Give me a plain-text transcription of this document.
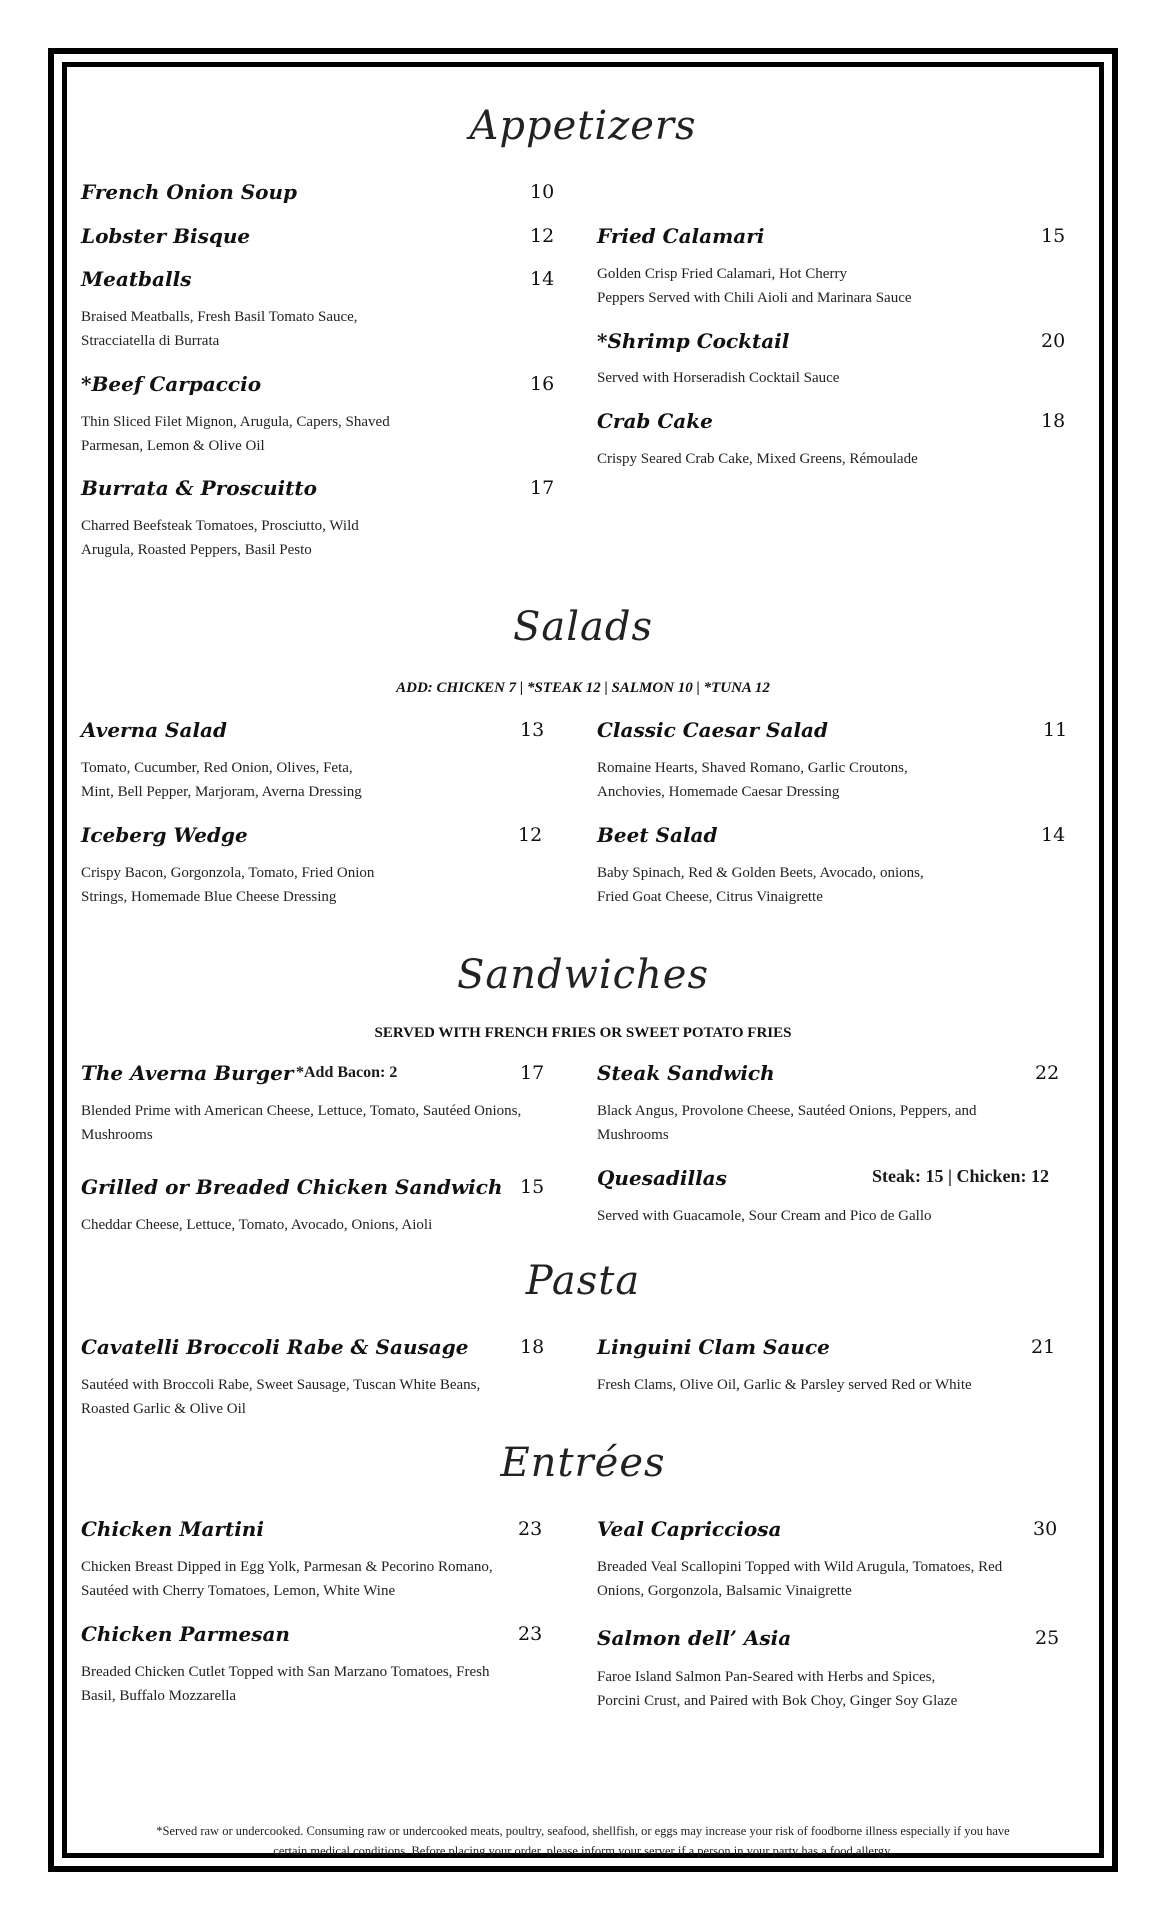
Appetizers
French Onion Soup	10
Lobster Bisque	12
Meatballs	14
Braised Meatballs, Fresh Basil Tomato Sauce,
Stracciatella di Burrata
*Beef Carpaccio	16
Thin Sliced Filet Mignon, Arugula, Capers, Shaved
Parmesan, Lemon & Olive Oil
Burrata & Proscuitto	17
Charred Beefsteak Tomatoes, Prosciutto, Wild
Arugula, Roasted Peppers, Basil Pesto
Fried Calamari	15
Golden Crisp Fried Calamari, Hot Cherry
Peppers Served with Chili Aioli and Marinara Sauce
*Shrimp Cocktail	20
Served with Horseradish Cocktail Sauce
Crab Cake	18
Crispy Seared Crab Cake, Mixed Greens, Rémoulade
Salads
ADD: CHICKEN 7 | *STEAK 12 | SALMON 10 | *TUNA 12
Averna Salad	13
Tomato, Cucumber, Red Onion, Olives, Feta,
Mint, Bell Pepper, Marjoram, Averna Dressing
Iceberg Wedge	12
Crispy Bacon, Gorgonzola, Tomato, Fried Onion
Strings, Homemade Blue Cheese Dressing
Classic Caesar Salad	11
Romaine Hearts, Shaved Romano, Garlic Croutons,
Anchovies, Homemade Caesar Dressing
Beet Salad	14
Baby Spinach, Red & Golden Beets, Avocado, onions,
Fried Goat Cheese, Citrus Vinaigrette
Sandwiches
SERVED WITH FRENCH FRIES OR SWEET POTATO FRIES
The Averna Burger *Add Bacon: 2	17
Blended Prime with American Cheese, Lettuce, Tomato, Sautéed Onions,
Mushrooms
Grilled or Breaded Chicken Sandwich 15
Cheddar Cheese, Lettuce, Tomato, Avocado, Onions, Aioli
Steak Sandwich	22
Black Angus, Provolone Cheese, Sautéed Onions, Peppers, and
Mushrooms
Quesadillas	Steak: 15 | Chicken: 12
Served with Guacamole, Sour Cream and Pico de Gallo
Pasta
Cavatelli Broccoli Rabe & Sausage	18
Sautéed with Broccoli Rabe, Sweet Sausage, Tuscan White Beans,
Roasted Garlic & Olive Oil
Linguini Clam Sauce	21
Fresh Clams, Olive Oil, Garlic & Parsley served Red or White
Entrées
Chicken Martini	23
Chicken Breast Dipped in Egg Yolk, Parmesan & Pecorino Romano,
Sautéed with Cherry Tomatoes, Lemon, White Wine
Chicken Parmesan	23
Breaded Chicken Cutlet Topped with San Marzano Tomatoes, Fresh
Basil, Buffalo Mozzarella
Veal Capricciosa	30
Breaded Veal Scallopini Topped with Wild Arugula, Tomatoes, Red
Onions, Gorgonzola, Balsamic Vinaigrette
Salmon dell’ Asia	25
Faroe Island Salmon Pan-Seared with Herbs and Spices,
Porcini Crust, and Paired with Bok Choy, Ginger Soy Glaze
*Served raw or undercooked. Consuming raw or undercooked meats, poultry, seafood, shellfish, or eggs may increase your risk of foodborne illness especially if you have
certain medical conditions. Before placing your order, please inform your server if a person in your party has a food allergy.
